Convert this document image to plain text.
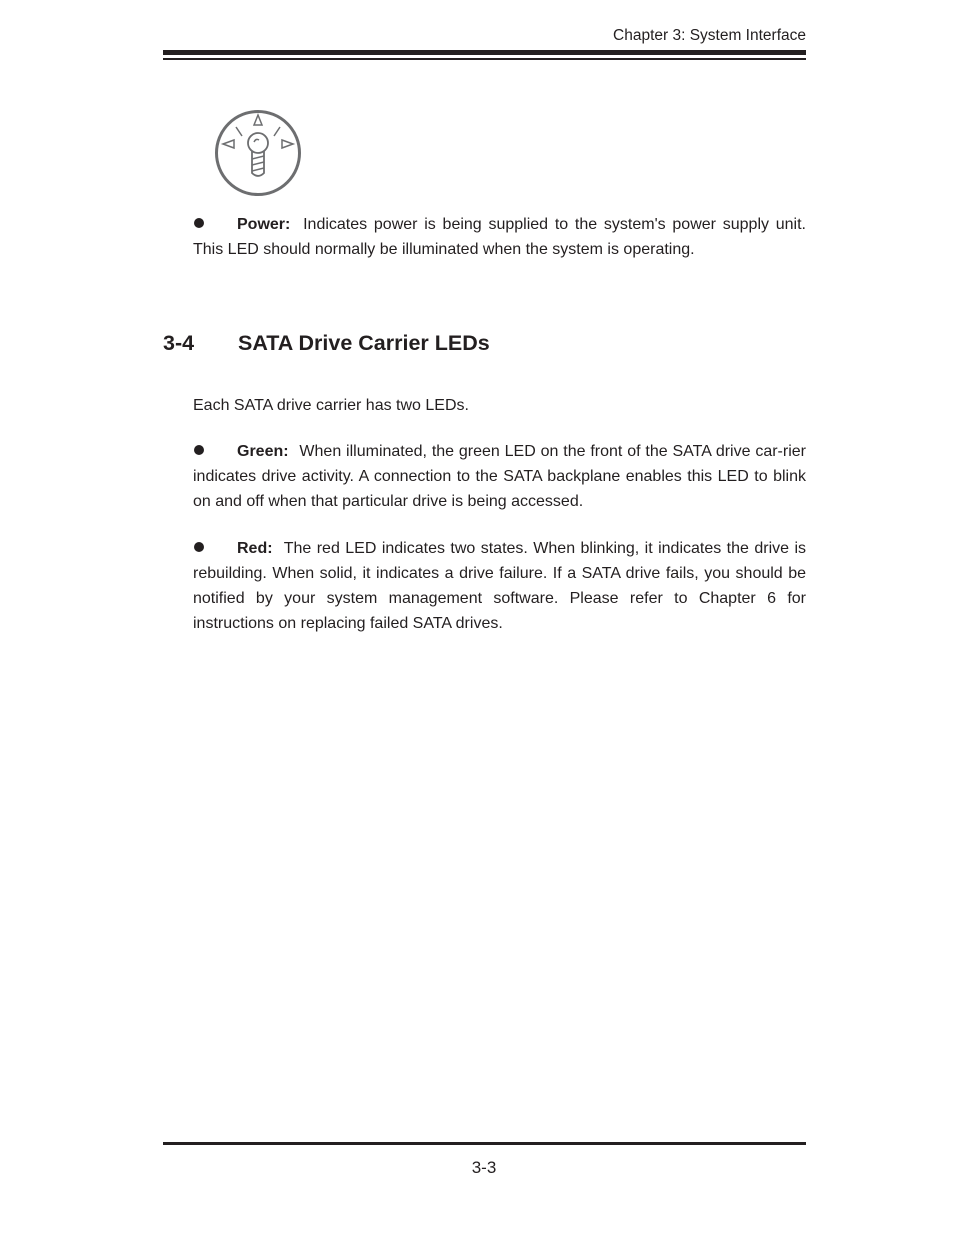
Chapter 3: System Interface

Power: Indicates power is being supplied to the system's power supply unit. This LED should normally be illuminated when the system is operating.

3-4 SATA Drive Carrier LEDs

Each SATA drive carrier has two LEDs.

Green: When illuminated, the green LED on the front of the SATA drive car-rier indicates drive activity. A connection to the SATA backplane enables this LED to blink on and off when that particular drive is being accessed.

Red: The red LED indicates two states. When blinking, it indicates the drive is rebuilding. When solid, it indicates a drive failure. If a SATA drive fails, you should be notified by your system management software. Please refer to Chapter 6 for instructions on replacing failed SATA drives.

3-3
